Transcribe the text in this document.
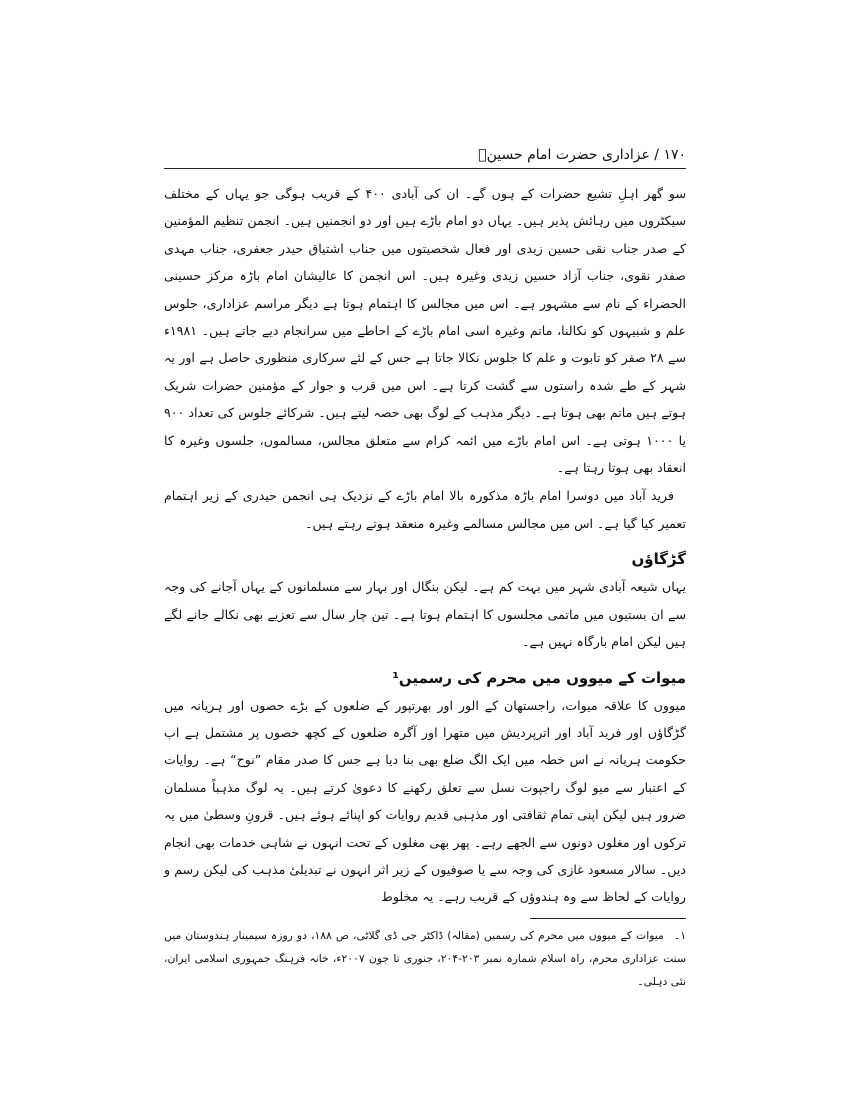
۱۷۰ / عزاداری حضرت امام حسینؑ

سو گھر اہلِ تشیع حضرات کے ہوں گے۔ ان کی آبادی ۴۰۰ کے قریب ہوگی جو یہاں کے مختلف سیکٹروں میں رہائش پذیر ہیں۔ یہاں دو امام باڑے ہیں اور دو انجمنیں ہیں۔ انجمن تنظیم المؤمنین کے صدر جناب نقی حسین زیدی اور فعال شخصیتوں میں جناب اشتیاق حیدر جعفری، جناب مہدی صفدر نقوی، جناب آزاد حسین زیدی وغیرہ ہیں۔ اس انجمن کا عالیشان امام باڑہ مرکز حسینی الحضراء کے نام سے مشہور ہے۔ اس میں مجالس کا اہتمام ہوتا ہے دیگر مراسم عزاداری، جلوس علم و شبیہوں کو نکالنا، ماتم وغیرہ اسی امام باڑے کے احاطے میں سرانجام دیے جاتے ہیں۔ ۱۹۸۱ء سے ۲۸ صفر کو تابوت و علم کا جلوس نکالا جاتا ہے جس کے لئے سرکاری منظوری حاصل ہے اور یہ شہر کے طے شدہ راستوں سے گشت کرتا ہے۔ اس میں قرب و جوار کے مؤمنین حضرات شریک ہوتے ہیں ماتم بھی ہوتا ہے۔ دیگر مذہب کے لوگ بھی حصہ لیتے ہیں۔ شرکائے جلوس کی تعداد ۹۰۰ یا ۱۰۰۰ ہوتی ہے۔ اس امام باڑے میں ائمہ کرام سے متعلق مجالس، مسالموں، جلسوں وغیرہ کا انعقاد بھی ہوتا رہتا ہے۔

فرید آباد میں دوسرا امام باڑہ مذکورہ بالا امام باڑے کے نزدیک ہی انجمن حیدری کے زیر اہتمام تعمیر کیا گیا ہے۔ اس میں مجالس مسالمے وغیرہ منعقد ہوتے رہتے ہیں۔

گڑگاؤں

یہاں شیعہ آبادی شہر میں بہت کم ہے۔ لیکن بنگال اور بہار سے مسلمانوں کے یہاں آجانے کی وجہ سے ان بستیوں میں ماتمی مجلسوں کا اہتمام ہوتا ہے۔ تین چار سال سے تعزیے بھی نکالے جانے لگے ہیں لیکن امام بارگاہ نہیں ہے۔

میوات کے میووں میں محرم کی رسمیں¹

میووں کا علاقہ میوات، راجستھان کے الور اور بھرتپور کے ضلعوں کے بڑے حصوں اور ہریانہ میں گڑگاؤں اور فرید آباد اور اترپردیش میں متھرا اور آگرہ ضلعوں کے کچھ حصوں پر مشتمل ہے اب حکومت ہریانہ نے اس خطہ میں ایک الگ ضلع بھی بنا دیا ہے جس کا صدر مقام ”نوح“ ہے۔ روایات کے اعتبار سے میو لوگ راجپوت نسل سے تعلق رکھنے کا دعویٰ کرتے ہیں۔ یہ لوگ مذہباً مسلمان ضرور ہیں لیکن اپنی تمام ثقافتی اور مذہبی قدیم روایات کو اپنائے ہوئے ہیں۔ قرونِ وسطیٰ میں یہ ترکوں اور مغلوں دونوں سے الجھے رہے۔ پھر بھی مغلوں کے تحت انہوں نے شاہی خدمات بھی انجام دیں۔ سالار مسعود غازی کی وجہ سے یا صوفیوں کے زیر اثر انہوں نے تبدیلیٔ مذہب کی لیکن رسم و روایات کے لحاظ سے وہ ہندوؤں کے قریب رہے۔ یہ مخلوط

۱۔ میوات کے میووں میں محرم کی رسمیں (مقالہ) ڈاکٹر جی ڈی گلاٹی، ص ۱۸۸، دو روزہ سیمینار ہندوستان میں سنت عزاداری محرم، راہ اسلام شمارہ نمبر ۲۰۳-۲۰۴، جنوری تا جون ۲۰۰۷ء، خانہ فرہنگ جمہوری اسلامی ایران، نئی دہلی۔
